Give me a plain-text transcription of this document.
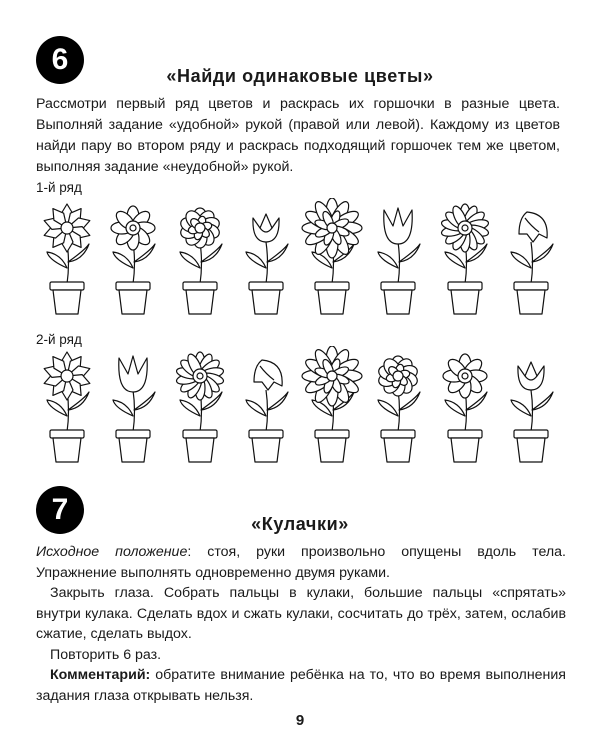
6	«Найди одинаковые цветы»

Рассмотри первый ряд цветов и раскрась их горшочки в разные цвета. Выполняй задание «удобной» рукой (правой или левой). Каждому из цветов найди пару во втором ряду и раскрась подходящий горшочек тем же цветом, выполняя задание «неудобной» рукой.

1-й ряд
2-й ряд
7	«Кулачки»

Исходное положение: стоя, руки произвольно опущены вдоль тела. Упражнение выполнять одновременно двумя руками.

Закрыть глаза. Собрать пальцы в кулаки, большие пальцы «спрятать» внутри кулака. Сделать вдох и сжать кулаки, сосчитать до трёх, затем, ослабив сжатие, сделать выдох.

Повторить 6 раз.

Комментарий: обратите внимание ребёнка на то, что во время выполнения задания глаза открывать нельзя.

9
